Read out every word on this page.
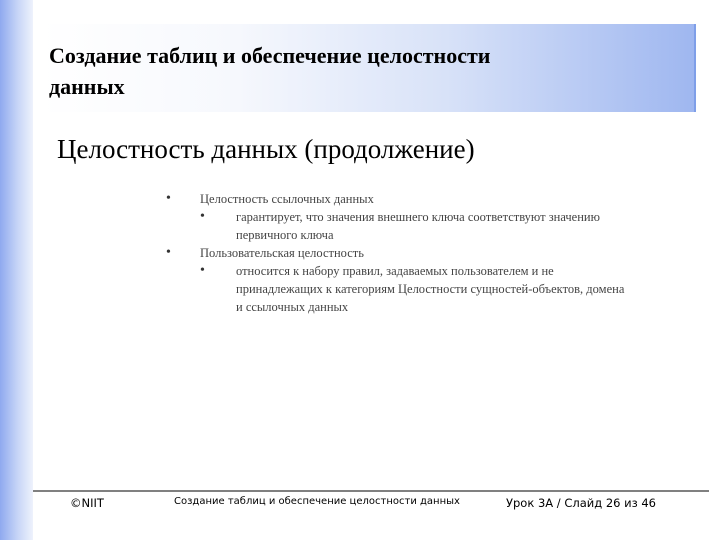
Создание таблиц и обеспечение целостности
данных
Целостность данных (продолжение)
• Целостность ссылочных данных
• гарантирует, что значения внешнего ключа соответствуют значению
первичного ключа
• Пользовательская целостность
• относится к набору правил, задаваемых пользователем и не
принадлежащих к категориям Целостности сущностей-объектов, домена
и ссылочных данных
©NIIT	Создание таблиц и обеспечение целостности данных	Урок 3А / Слайд 26 из 46
